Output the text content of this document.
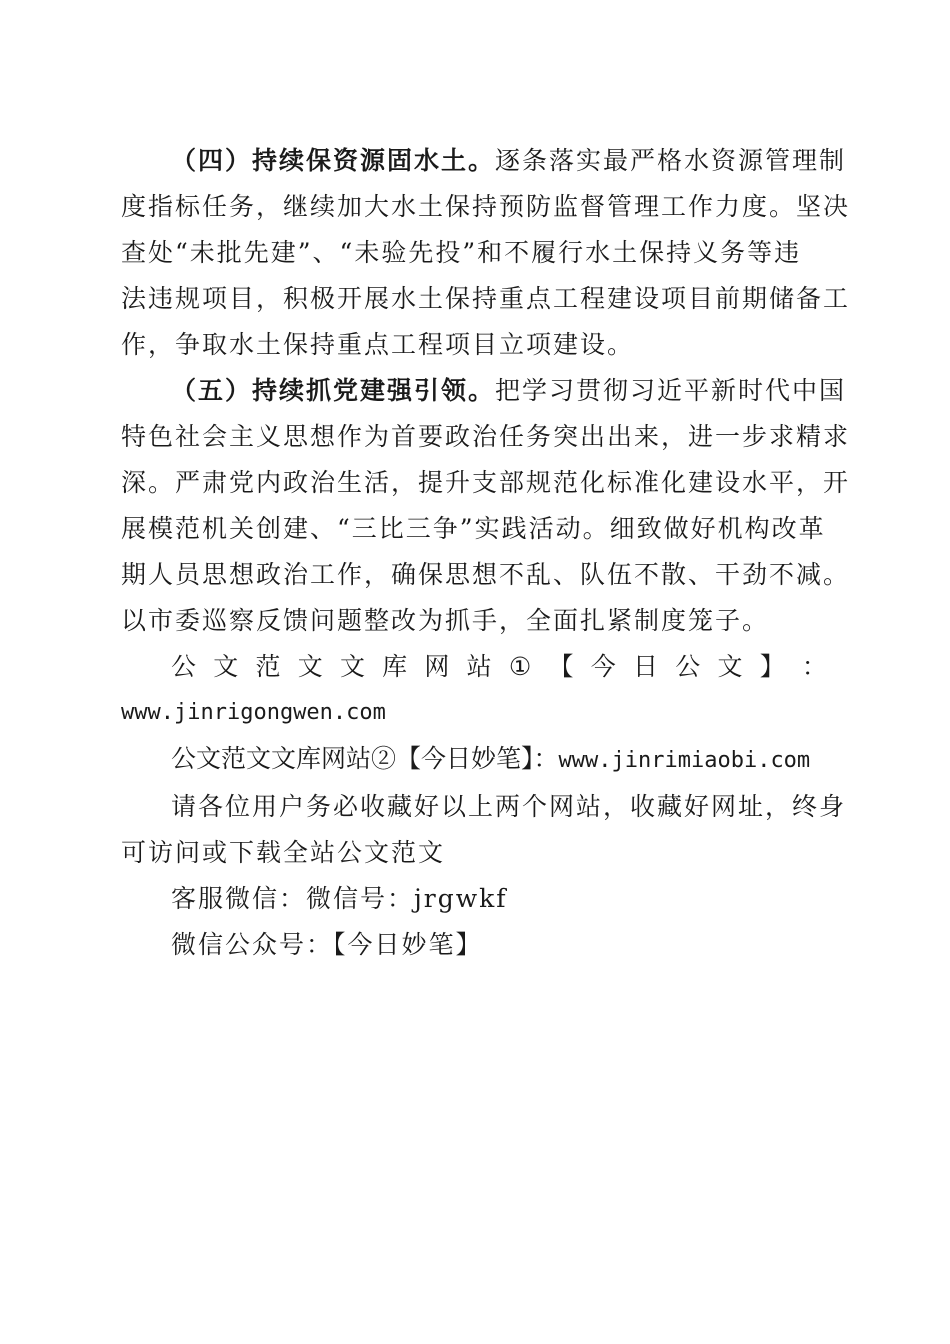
（四）持续保资源固水土。逐条落实最严格水资源管理制
度指标任务，继续加大水土保持预防监督管理工作力度。坚决
查处“未批先建”、“未验先投”和不履行水土保持义务等违
法违规项目，积极开展水土保持重点工程建设项目前期储备工
作，争取水土保持重点工程项目立项建设。
（五）持续抓党建强引领。把学习贯彻习近平新时代中国
特色社会主义思想作为首要政治任务突出出来，进一步求精求
深。严肃党内政治生活，提升支部规范化标准化建设水平，开
展模范机关创建、“三比三争”实践活动。细致做好机构改革
期人员思想政治工作，确保思想不乱、队伍不散、干劲不减。
以市委巡察反馈问题整改为抓手，全面扎紧制度笼子。
公 文 范 文 文 库 网 站 ① 【 今 日 公 文 】 ：
www.jinrigongwen.com
公文范文文库网站②【今日妙笔】：www.jinrimiaobi.com
请各位用户务必收藏好以上两个网站，收藏好网址，终身
可访问或下载全站公文范文
客服微信：微信号：jrgwkf
微信公众号：【今日妙笔】
